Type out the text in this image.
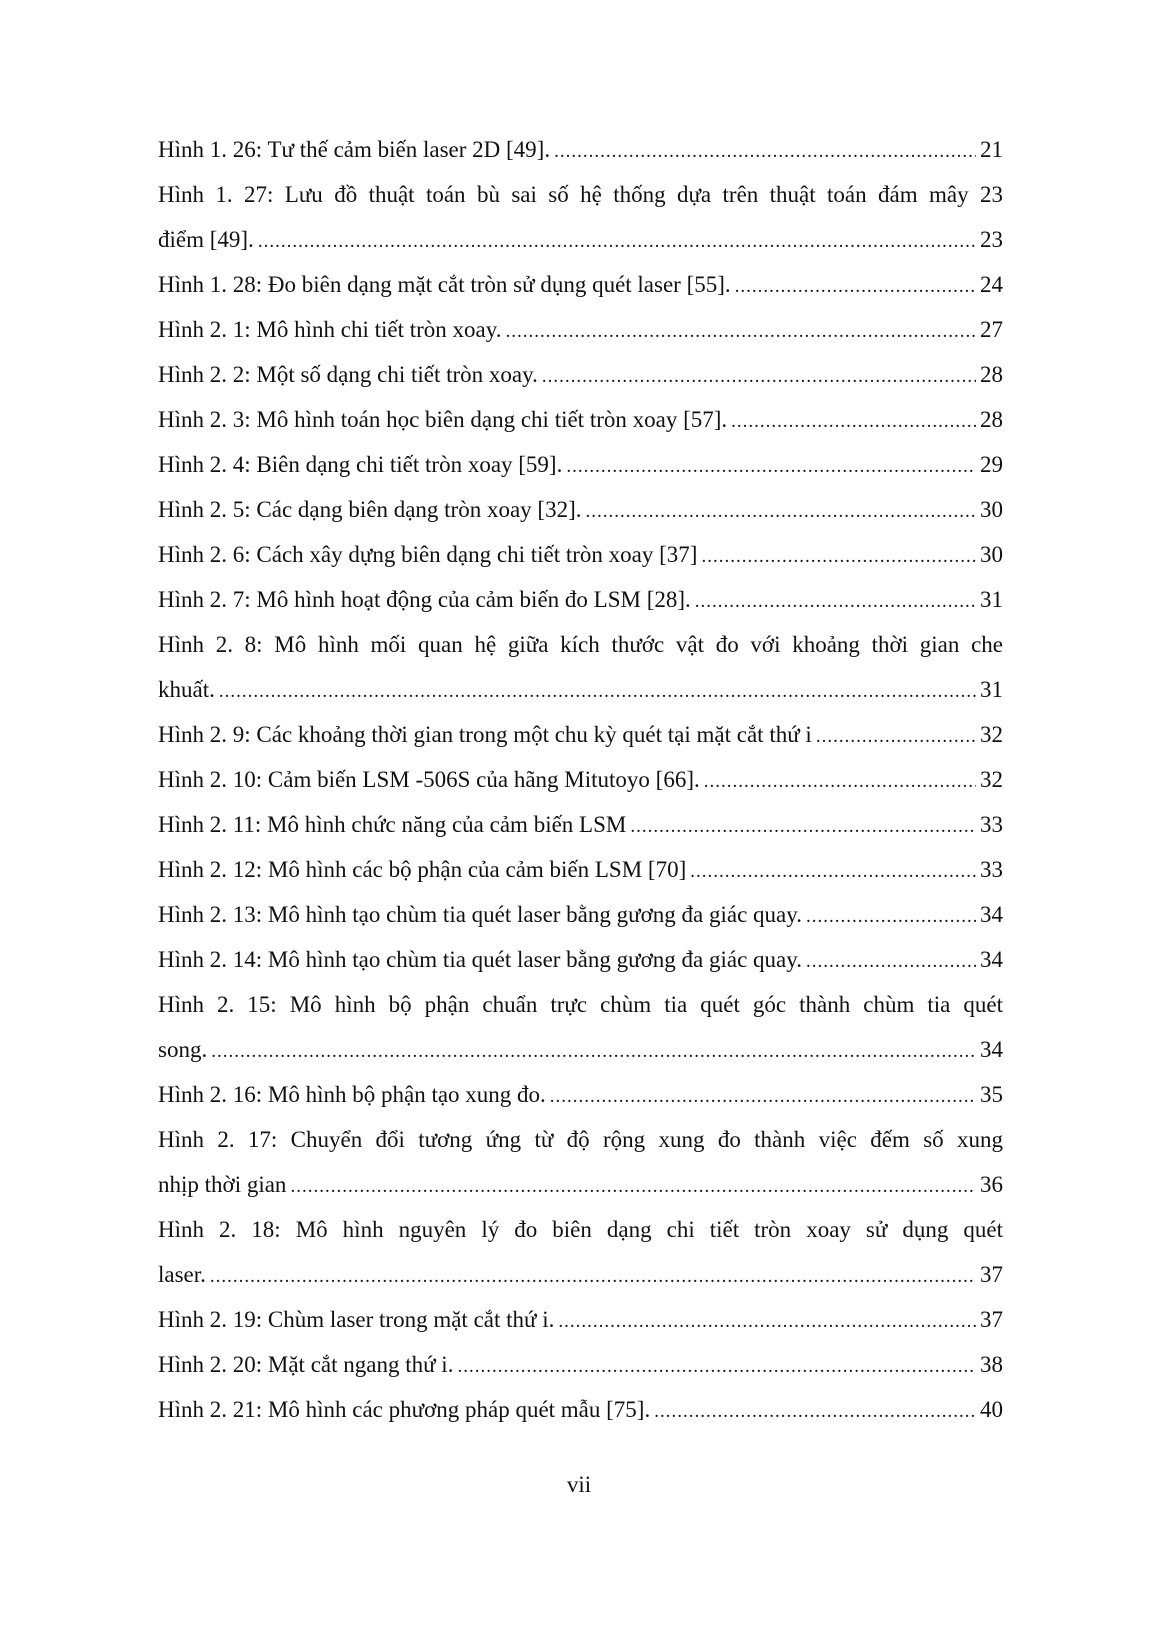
Hình 1. 26: Tư thế cảm biến laser 2D [49]. .....	21
Hình 1. 27: Lưu đồ thuật toán bù sai số hệ thống dựa trên thuật toán đám mây 23
điểm [49]. .....	23
Hình 1. 28: Đo biên dạng mặt cắt tròn sử dụng quét laser [55]. .....	24
Hình 2. 1: Mô hình chi tiết tròn xoay. .....	27
Hình 2. 2: Một số dạng chi tiết tròn xoay. .....	28
Hình 2. 3: Mô hình toán học biên dạng chi tiết tròn xoay [57]. .....	28
Hình 2. 4: Biên dạng chi tiết tròn xoay [59]. .....	29
Hình 2. 5: Các dạng biên dạng tròn xoay [32]. .....	30
Hình 2. 6: Cách xây dựng biên dạng chi tiết tròn xoay [37] .....	30
Hình 2. 7: Mô hình hoạt động của cảm biến đo LSM [28]. .....	31
Hình 2. 8: Mô hình mối quan hệ giữa kích thước vật đo với khoảng thời gian che
khuất. .....	31
Hình 2. 9: Các khoảng thời gian trong một chu kỳ quét tại mặt cắt thứ i .....	32
Hình 2. 10: Cảm biến LSM -506S của hãng Mitutoyo [66]. .....	32
Hình 2. 11: Mô hình chức năng của cảm biến LSM .....	33
Hình 2. 12: Mô hình các bộ phận của cảm biến LSM [70] .....	33
Hình 2. 13: Mô hình tạo chùm tia quét laser bằng gương đa giác quay. .....	34
Hình 2. 14: Mô hình tạo chùm tia quét laser bằng gương đa giác quay. .....	34
Hình 2. 15: Mô hình bộ phận chuẩn trực chùm tia quét góc thành chùm tia quét
song. .....	34
Hình 2. 16: Mô hình bộ phận tạo xung đo. .....	35
Hình 2. 17: Chuyển đổi tương ứng từ độ rộng xung đo thành việc đếm số xung
nhịp thời gian .....	36
Hình 2. 18: Mô hình nguyên lý đo biên dạng chi tiết tròn xoay sử dụng quét
laser. .....	37
Hình 2. 19: Chùm laser trong mặt cắt thứ i. .....	37
Hình 2. 20: Mặt cắt ngang thứ i. .....	38
Hình 2. 21: Mô hình các phương pháp quét mẫu [75]. .....	40
vii
